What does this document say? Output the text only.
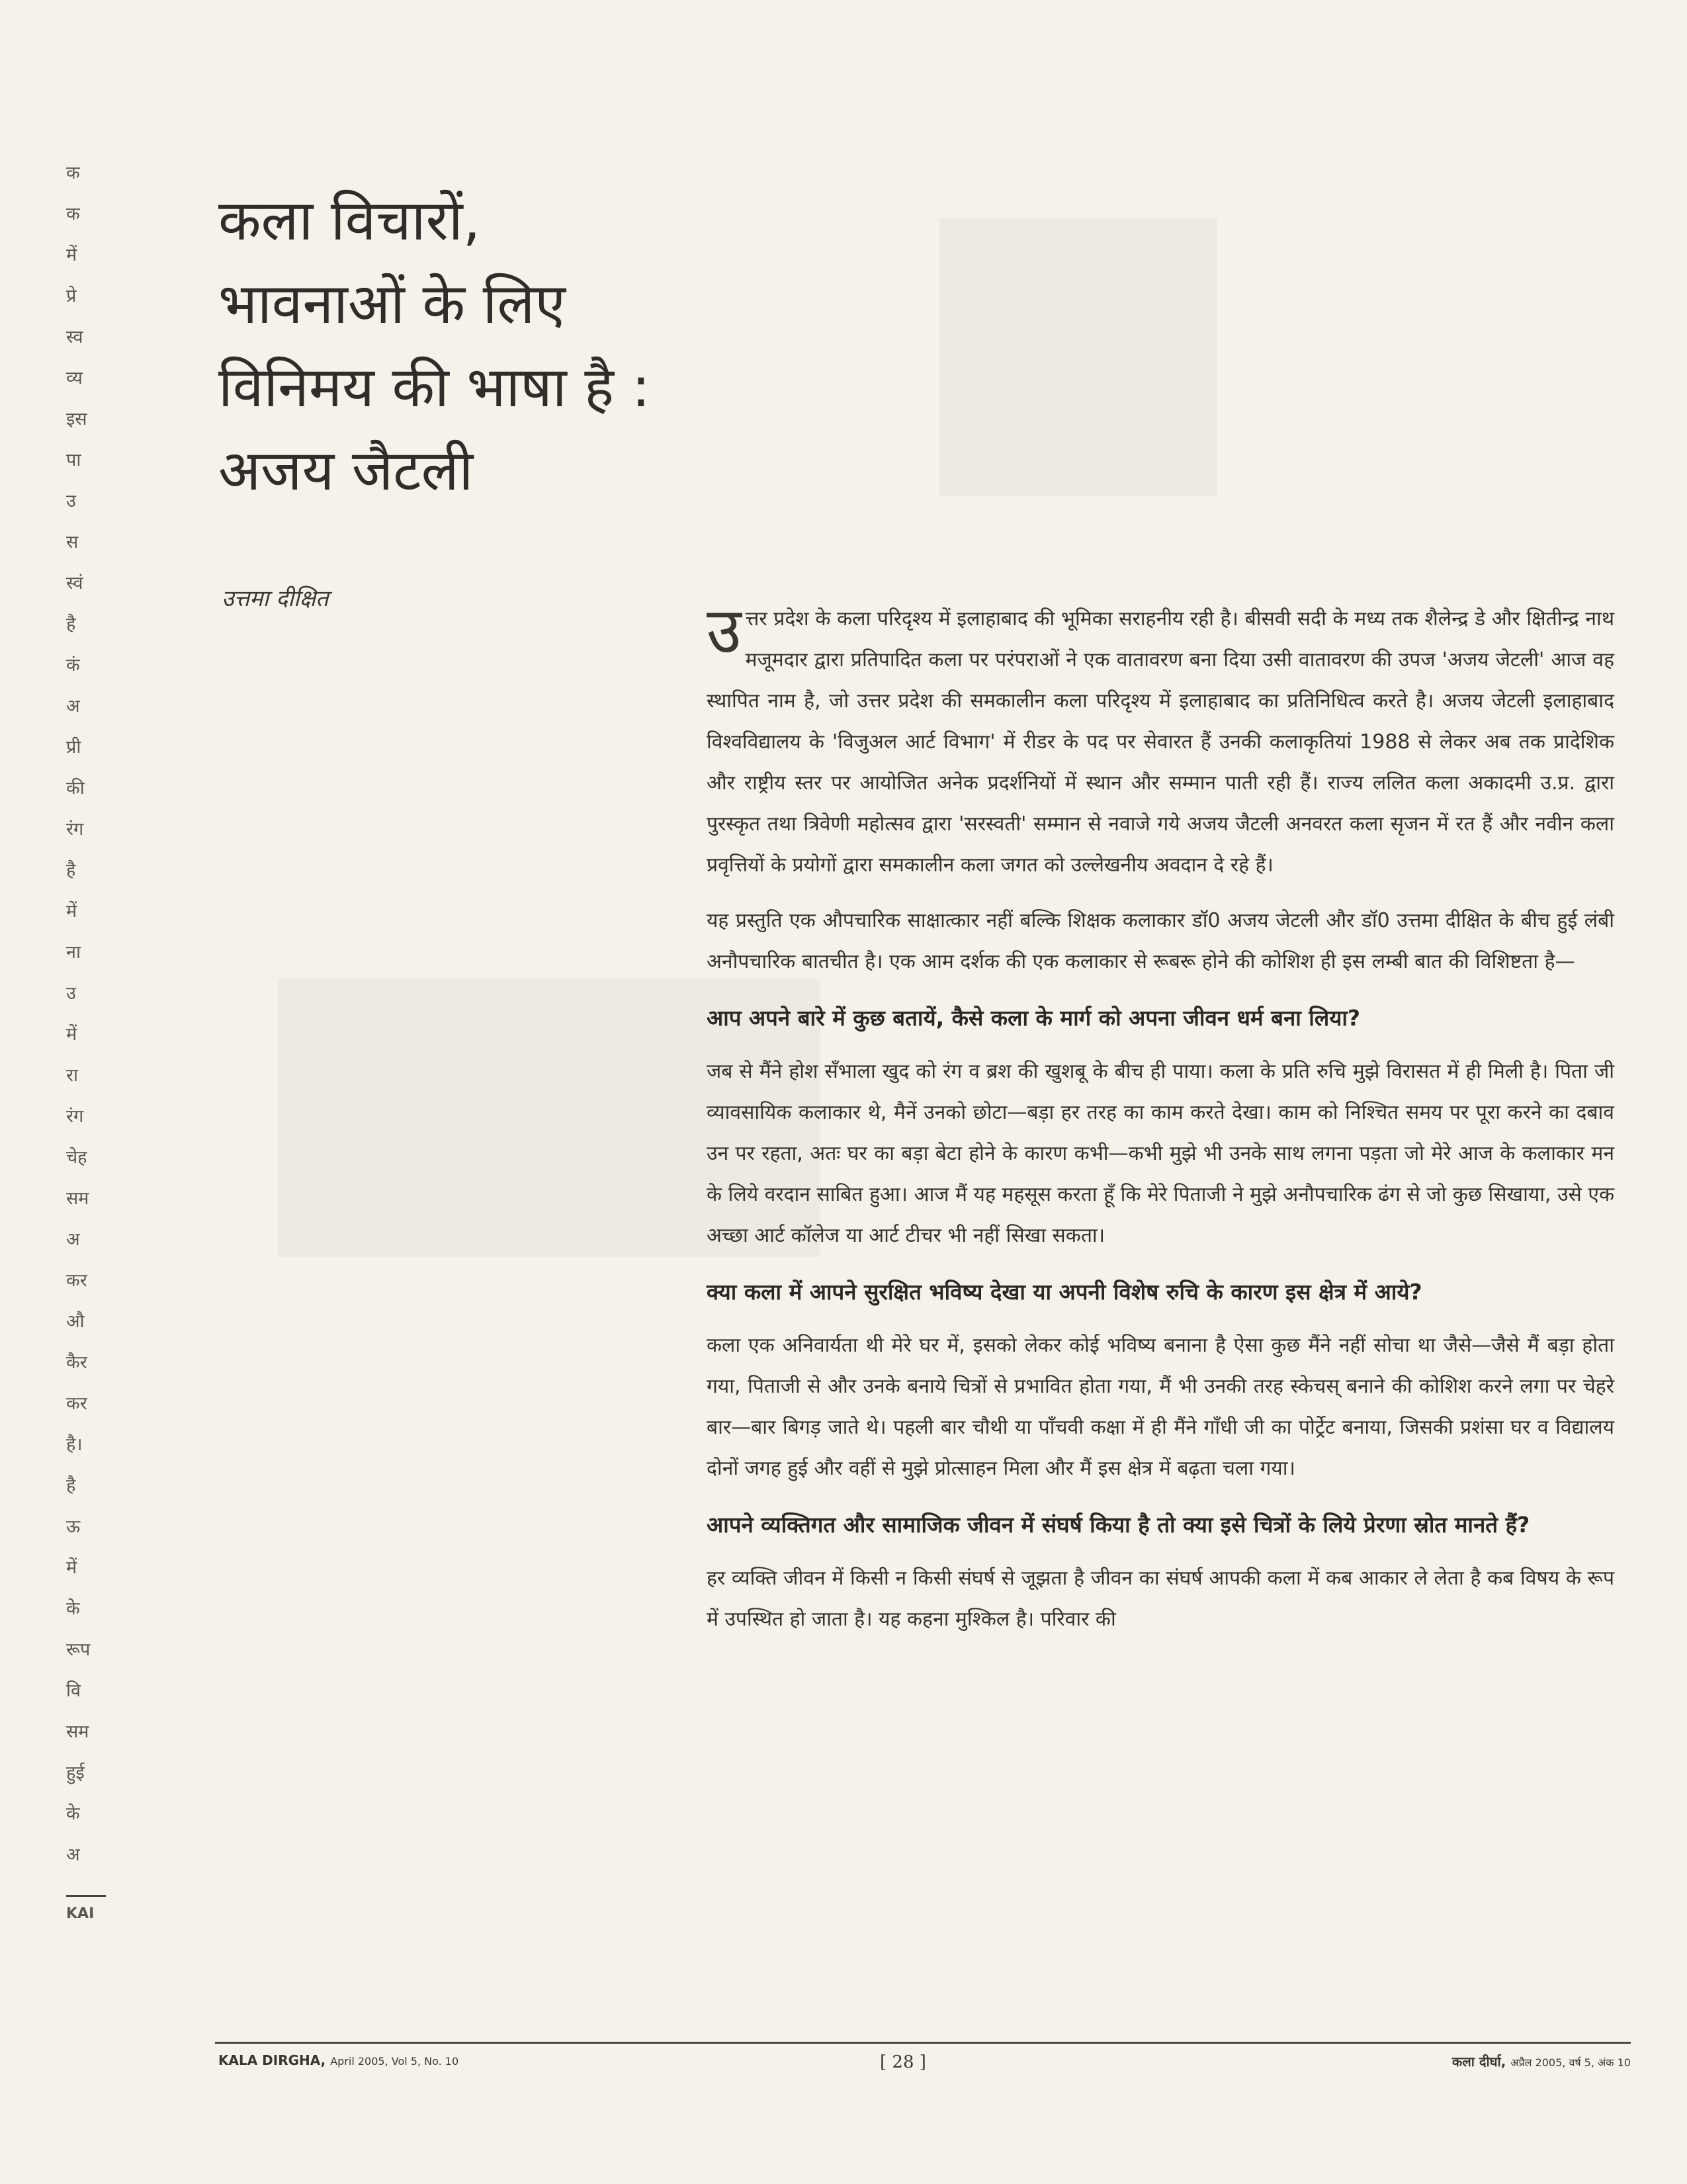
क
क
में
प्रे
स्व
व्य
इस
पा
उ
स
स्वं
है
कं
अ
प्री
की
रंग
है
में
ना
उ
में
रा
रंग
चेह
सम
अ
कर
औ
कैर
कर
है।
है
ऊ
में
के
रूप
वि
सम
हुई
के
अ
KAI
कला विचारों,
भावनाओं के लिए
विनिमय की भाषा है :
अजय जैटली
उत्तमा दीक्षित	उत्तर प्रदेश के कला परिदृश्य में इलाहाबाद की भूमिका सराहनीय रही है। बीसवी सदी के मध्य तक शैलेन्द्र डे और क्षितीन्द्र नाथ मजूमदार द्वारा प्रतिपादित कला पर परंपराओं ने एक वातावरण बना दिया उसी वातावरण की उपज 'अजय जेटली' आज वह स्थापित नाम है, जो उत्तर प्रदेश की समकालीन कला परिदृश्य में इलाहाबाद का प्रतिनिधित्व करते है। अजय जेटली इलाहाबाद विश्वविद्यालय के 'विजुअल आर्ट विभाग' में रीडर के पद पर सेवारत हैं उनकी कलाकृतियां 1988 से लेकर अब तक प्रादेशिक और राष्ट्रीय स्तर पर आयोजित अनेक प्रदर्शनियों में स्थान और सम्मान पाती रही हैं। राज्य ललित कला अकादमी उ.प्र. द्वारा पुरस्कृत तथा त्रिवेणी महोत्सव द्वारा 'सरस्वती' सम्मान से नवाजे गये अजय जैटली अनवरत कला सृजन में रत हैं और नवीन कला प्रवृत्तियों के प्रयोगों द्वारा समकालीन कला जगत को उल्लेखनीय अवदान दे रहे हैं।

यह प्रस्तुति एक औपचारिक साक्षात्कार नहीं बल्कि शिक्षक कलाकार डॉ0 अजय जेटली और डॉ0 उत्तमा दीक्षित के बीच हुई लंबी अनौपचारिक बातचीत है। एक आम दर्शक की एक कलाकार से रूबरू होने की कोशिश ही इस लम्बी बात की विशिष्टता है—

आप अपने बारे में कुछ बतायें, कैसे कला के मार्ग को अपना जीवन धर्म बना लिया?

जब से मैंने होश सँभाला खुद को रंग व ब्रश की खुशबू के बीच ही पाया। कला के प्रति रुचि मुझे विरासत में ही मिली है। पिता जी व्यावसायिक कलाकार थे, मैनें उनको छोटा—बड़ा हर तरह का काम करते देखा। काम को निश्चित समय पर पूरा करने का दबाव उन पर रहता, अतः घर का बड़ा बेटा होने के कारण कभी—कभी मुझे भी उनके साथ लगना पड़ता जो मेरे आज के कलाकार मन के लिये वरदान साबित हुआ। आज मैं यह महसूस करता हूँ कि मेरे पिताजी ने मुझे अनौपचारिक ढंग से जो कुछ सिखाया, उसे एक अच्छा आर्ट कॉलेज या आर्ट टीचर भी नहीं सिखा सकता।

क्या कला में आपने सुरक्षित भविष्य देखा या अपनी विशेष रुचि के कारण इस क्षेत्र में आये?

कला एक अनिवार्यता थी मेरे घर में, इसको लेकर कोई भविष्य बनाना है ऐसा कुछ मैंने नहीं सोचा था जैसे—जैसे मैं बड़ा होता गया, पिताजी से और उनके बनाये चित्रों से प्रभावित होता गया, मैं भी उनकी तरह स्केचस् बनाने की कोशिश करने लगा पर चेहरे बार—बार बिगड़ जाते थे। पहली बार चौथी या पाँचवी कक्षा में ही मैंने गाँधी जी का पोर्ट्रेट बनाया, जिसकी प्रशंसा घर व विद्यालय दोनों जगह हुई और वहीं से मुझे प्रोत्साहन मिला और मैं इस क्षेत्र में बढ़ता चला गया।

आपने व्यक्तिगत और सामाजिक जीवन में संघर्ष किया है तो क्या इसे चित्रों के लिये प्रेरणा स्रोत मानते हैं?

हर व्यक्ति जीवन में किसी न किसी संघर्ष से जूझता है जीवन का संघर्ष आपकी कला में कब आकार ले लेता है कब विषय के रूप में उपस्थित हो जाता है। यह कहना मुश्किल है। परिवार की

KALA DIRGHA, April 2005, Vol 5, No. 10	[ 28 ]	कला दीर्घा, अप्रैल 2005, वर्ष 5, अंक 10
